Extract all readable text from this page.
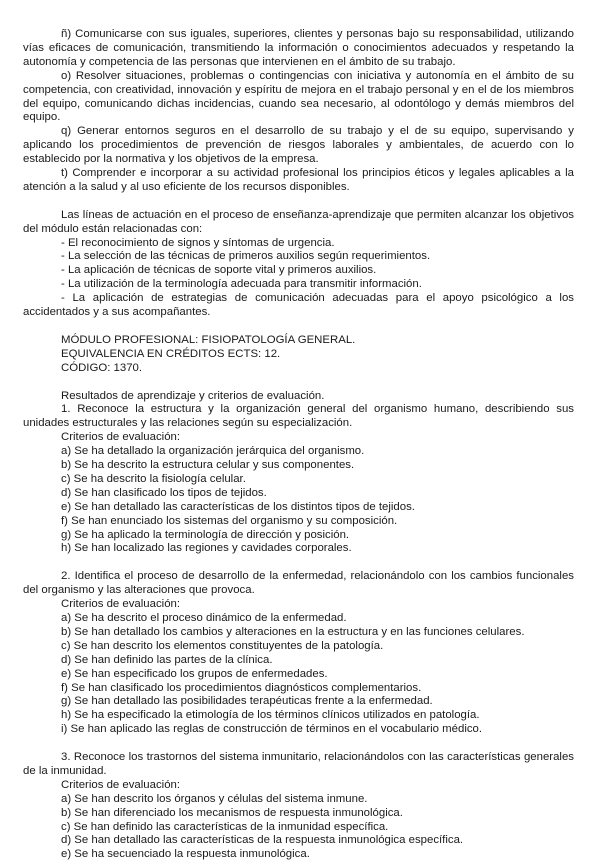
ñ) Comunicarse con sus iguales, superiores, clientes y personas bajo su responsabilidad, utilizando vías eficaces de comunicación, transmitiendo la información o conocimientos adecuados y respetando la autonomía y competencia de las personas que intervienen en el ámbito de su trabajo.

o) Resolver situaciones, problemas o contingencias con iniciativa y autonomía en el ámbito de su competencia, con creatividad, innovación y espíritu de mejora en el trabajo personal y en el de los miembros del equipo, comunicando dichas incidencias, cuando sea necesario, al odontólogo y demás miembros del equipo.

q) Generar entornos seguros en el desarrollo de su trabajo y el de su equipo, supervisando y aplicando los procedimientos de prevención de riesgos laborales y ambientales, de acuerdo con lo establecido por la normativa y los objetivos de la empresa.

t) Comprender e incorporar a su actividad profesional los principios éticos y legales aplicables a la atención a la salud y al uso eficiente de los recursos disponibles.

Las líneas de actuación en el proceso de enseñanza-aprendizaje que permiten alcanzar los objetivos del módulo están relacionadas con:

- El reconocimiento de signos y síntomas de urgencia.

- La selección de las técnicas de primeros auxilios según requerimientos.

- La aplicación de técnicas de soporte vital y primeros auxilios.

- La utilización de la terminología adecuada para transmitir información.

- La aplicación de estrategias de comunicación adecuadas para el apoyo psicológico a los accidentados y a sus acompañantes.

MÓDULO PROFESIONAL: FISIOPATOLOGÍA GENERAL.

EQUIVALENCIA EN CRÉDITOS ECTS: 12.

CÓDIGO: 1370.

Resultados de aprendizaje y criterios de evaluación.

1. Reconoce la estructura y la organización general del organismo humano, describiendo sus unidades estructurales y las relaciones según su especialización.

Criterios de evaluación:

a) Se ha detallado la organización jerárquica del organismo.

b) Se ha descrito la estructura celular y sus componentes.

c) Se ha descrito la fisiología celular.

d) Se han clasificado los tipos de tejidos.

e) Se han detallado las características de los distintos tipos de tejidos.

f) Se han enunciado los sistemas del organismo y su composición.

g) Se ha aplicado la terminología de dirección y posición.

h) Se han localizado las regiones y cavidades corporales.

2. Identifica el proceso de desarrollo de la enfermedad, relacionándolo con los cambios funcionales del organismo y las alteraciones que provoca.

Criterios de evaluación:

a) Se ha descrito el proceso dinámico de la enfermedad.

b) Se han detallado los cambios y alteraciones en la estructura y en las funciones celulares.

c) Se han descrito los elementos constituyentes de la patología.

d) Se han definido las partes de la clínica.

e) Se han especificado los grupos de enfermedades.

f) Se han clasificado los procedimientos diagnósticos complementarios.

g) Se han detallado las posibilidades terapéuticas frente a la enfermedad.

h) Se ha especificado la etimología de los términos clínicos utilizados en patología.

i) Se han aplicado las reglas de construcción de términos en el vocabulario médico.

3. Reconoce los trastornos del sistema inmunitario, relacionándolos con las características generales de la inmunidad.

Criterios de evaluación:

a) Se han descrito los órganos y células del sistema inmune.

b) Se han diferenciado los mecanismos de respuesta inmunológica.

c) Se han definido las características de la inmunidad específica.

d) Se han detallado las características de la respuesta inmunológica específica.

e) Se ha secuenciado la respuesta inmunológica.
